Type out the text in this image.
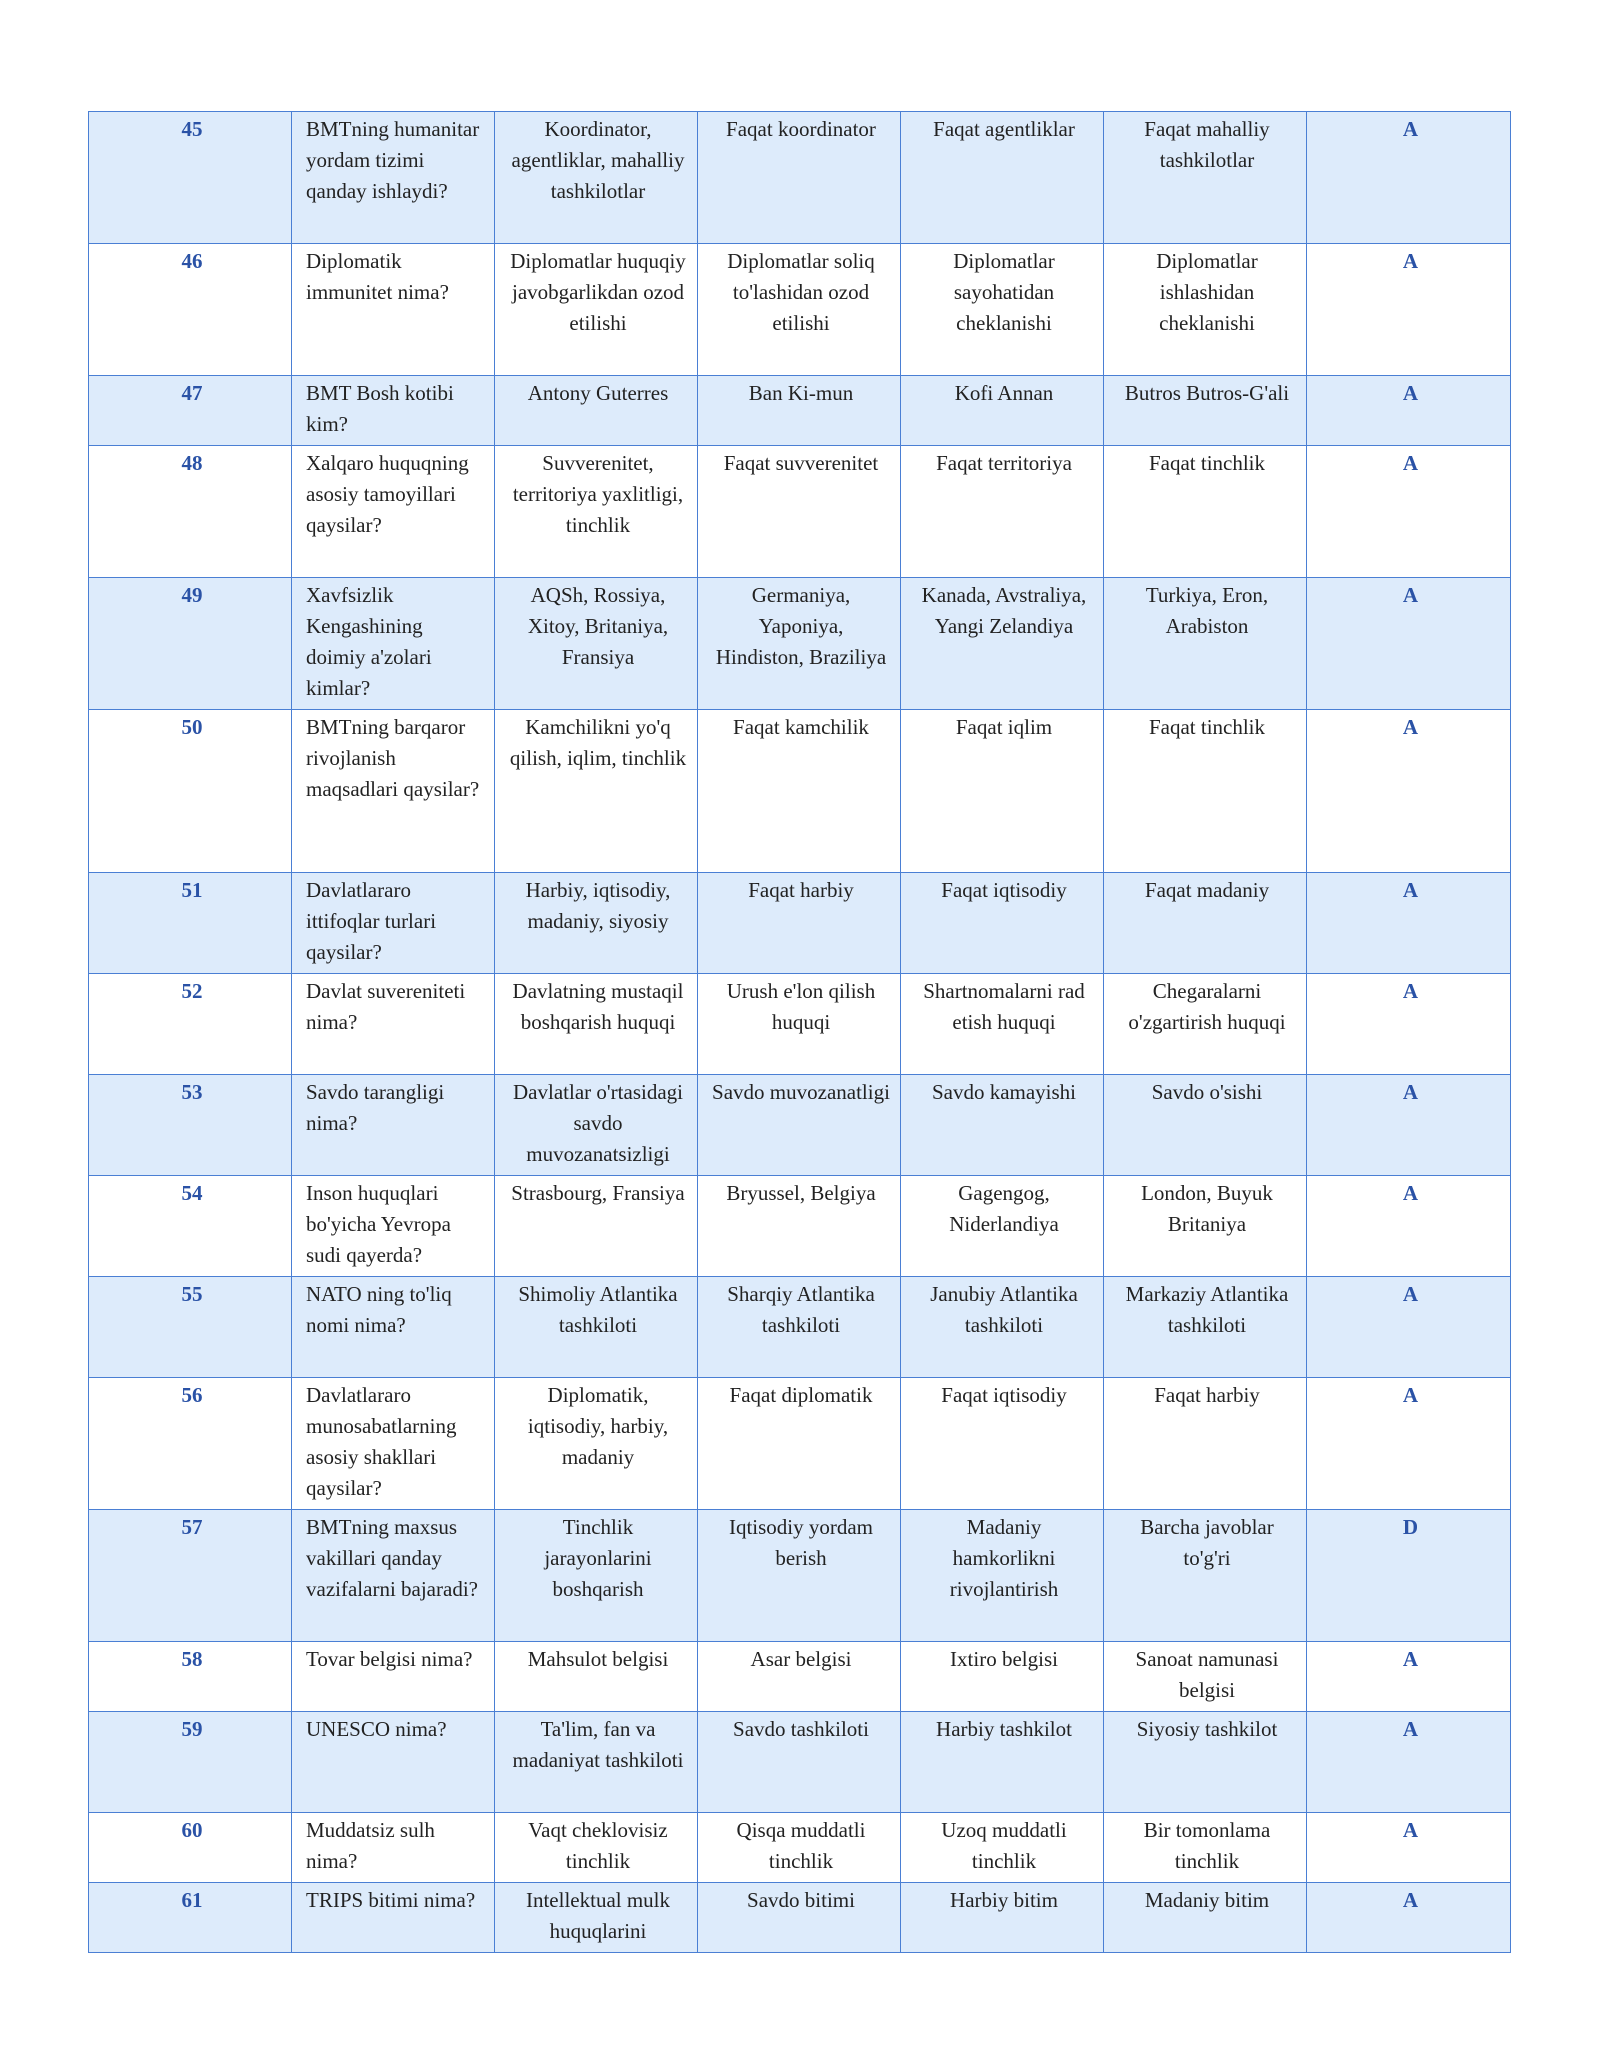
45	BMTning humanitar yordam tizimi qanday ishlaydi?	Koordinator, agentliklar, mahalliy tashkilotlar	Faqat koordinator	Faqat agentliklar	Faqat mahalliy tashkilotlar	A
46	Diplomatik immunitet nima?	Diplomatlar huquqiy javobgarlikdan ozod etilishi	Diplomatlar soliq to'lashidan ozod etilishi	Diplomatlar sayohatidan cheklanishi	Diplomatlar ishlashidan cheklanishi	A
47	BMT Bosh kotibi kim?	Antony Guterres	Ban Ki-mun	Kofi Annan	Butros Butros-G'ali	A
48	Xalqaro huquqning asosiy tamoyillari qaysilar?	Suvverenitet, territoriya yaxlitligi, tinchlik	Faqat suvverenitet	Faqat territoriya	Faqat tinchlik	A
49	Xavfsizlik Kengashining doimiy a'zolari kimlar?	AQSh, Rossiya, Xitoy, Britaniya, Fransiya	Germaniya, Yaponiya, Hindiston, Braziliya	Kanada, Avstraliya, Yangi Zelandiya	Turkiya, Eron, Arabiston	A
50	BMTning barqaror rivojlanish maqsadlari qaysilar?	Kamchilikni yo'q qilish, iqlim, tinchlik	Faqat kamchilik	Faqat iqlim	Faqat tinchlik	A
51	Davlatlararo ittifoqlar turlari qaysilar?	Harbiy, iqtisodiy, madaniy, siyosiy	Faqat harbiy	Faqat iqtisodiy	Faqat madaniy	A
52	Davlat suvereniteti nima?	Davlatning mustaqil boshqarish huquqi	Urush e'lon qilish huquqi	Shartnomalarni rad etish huquqi	Chegaralarni o'zgartirish huquqi	A
53	Savdo tarangligi nima?	Davlatlar o'rtasidagi savdo muvozanatsizligi	Savdo muvozanatligi	Savdo kamayishi	Savdo o'sishi	A
54	Inson huquqlari bo'yicha Yevropa sudi qayerda?	Strasbourg, Fransiya	Bryussel, Belgiya	Gagengog, Niderlandiya	London, Buyuk Britaniya	A
55	NATO ning to'liq nomi nima?	Shimoliy Atlantika tashkiloti	Sharqiy Atlantika tashkiloti	Janubiy Atlantika tashkiloti	Markaziy Atlantika tashkiloti	A
56	Davlatlararo munosabatlarning asosiy shakllari qaysilar?	Diplomatik, iqtisodiy, harbiy, madaniy	Faqat diplomatik	Faqat iqtisodiy	Faqat harbiy	A
57	BMTning maxsus vakillari qanday vazifalarni bajaradi?	Tinchlik jarayonlarini boshqarish	Iqtisodiy yordam berish	Madaniy hamkorlikni rivojlantirish	Barcha javoblar to'g'ri	D
58	Tovar belgisi nima?	Mahsulot belgisi	Asar belgisi	Ixtiro belgisi	Sanoat namunasi belgisi	A
59	UNESCO nima?	Ta'lim, fan va madaniyat tashkiloti	Savdo tashkiloti	Harbiy tashkilot	Siyosiy tashkilot	A
60	Muddatsiz sulh nima?	Vaqt cheklovisiz tinchlik	Qisqa muddatli tinchlik	Uzoq muddatli tinchlik	Bir tomonlama tinchlik	A
61	TRIPS bitimi nima?	Intellektual mulk huquqlarini	Savdo bitimi	Harbiy bitim	Madaniy bitim	A
